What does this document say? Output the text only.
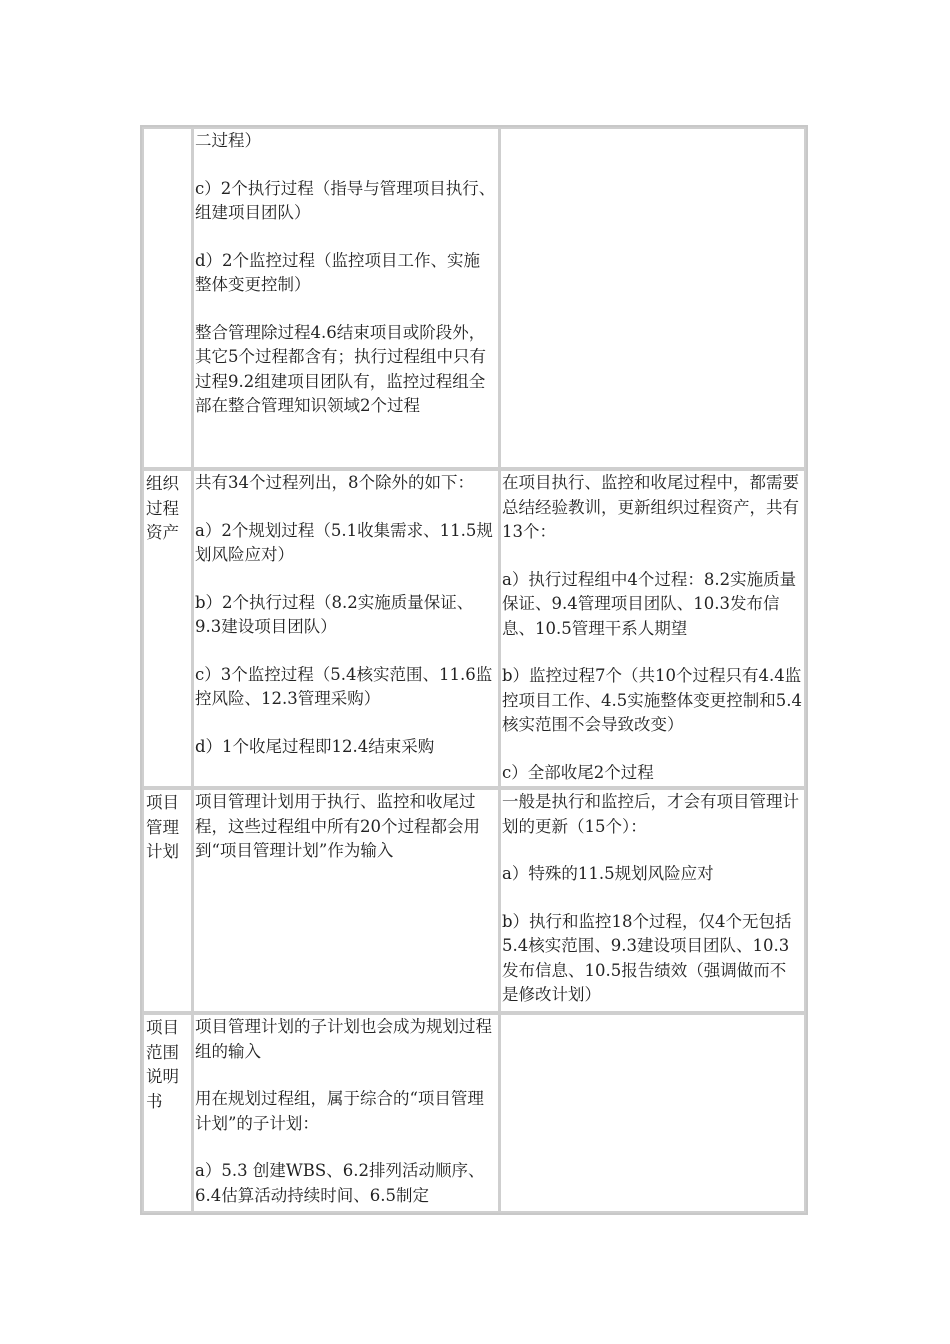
二过程）

c）2个执行过程（指导与管理项目执行、组建项目团队）

d）2个监控过程（监控项目工作、实施整体变更控制）

整合管理除过程4.6结束项目或阶段外，其它5个过程都含有；执行过程组中只有过程9.2组建项目团队有，监控过程组全部在整合管理知识领域2个过程

组织过程资产

共有34个过程列出，8个除外的如下：

a）2个规划过程（5.1收集需求、11.5规划风险应对）

b）2个执行过程（8.2实施质量保证、9.3建设项目团队）

c）3个监控过程（5.4核实范围、11.6监控风险、12.3管理采购）

d）1个收尾过程即12.4结束采购

在项目执行、监控和收尾过程中，都需要总结经验教训，更新组织过程资产，共有13个：

a）执行过程组中4个过程：8.2实施质量保证、9.4管理项目团队、10.3发布信息、10.5管理干系人期望

b）监控过程7个（共10个过程只有4.4监控项目工作、4.5实施整体变更控制和5.4核实范围不会导致改变）

c）全部收尾2个过程

项目管理计划

项目管理计划用于执行、监控和收尾过程，这些过程组中所有20个过程都会用到“项目管理计划”作为输入

一般是执行和监控后，才会有项目管理计划的更新（15个）：

a）特殊的11.5规划风险应对

b）执行和监控18个过程，仅4个无包括5.4核实范围、9.3建设项目团队、10.3发布信息、10.5报告绩效（强调做而不是修改计划）

项目范围说明书

项目管理计划的子计划也会成为规划过程组的输入

用在规划过程组，属于综合的“项目管理计划”的子计划：

a）5.3 创建WBS、6.2排列活动顺序、6.4估算活动持续时间、6.5制定
